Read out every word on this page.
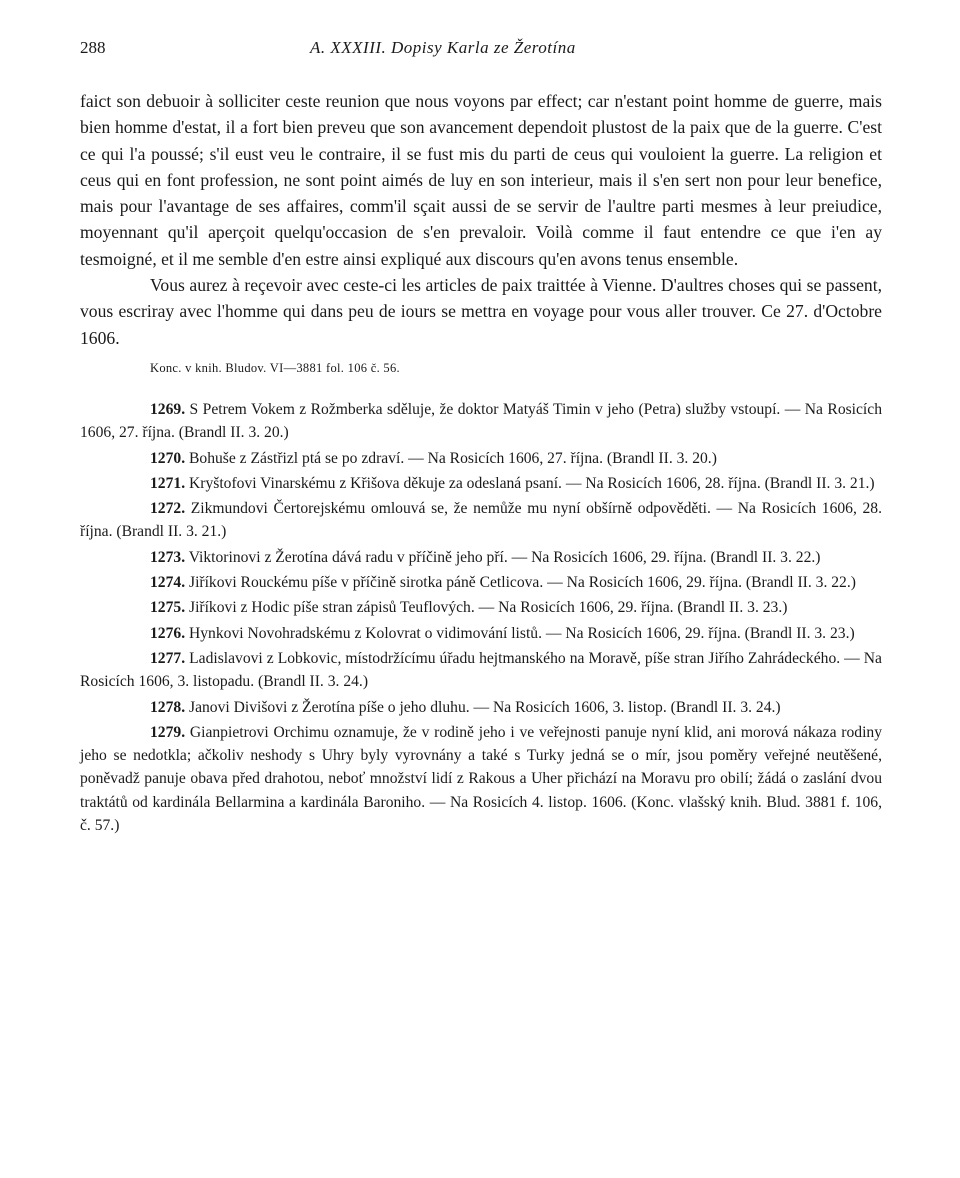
288	A. XXXIII. Dopisy Karla ze Žerotína

faict son debuoir à solliciter ceste reunion que nous voyons par effect; car n'estant point homme de guerre, mais bien homme d'estat, il a fort bien preveu que son avancement dependoit plustost de la paix que de la guerre. C'est ce qui l'a poussé; s'il eust veu le contraire, il se fust mis du parti de ceus qui vouloient la guerre. La religion et ceus qui en font profession, ne sont point aimés de luy en son interieur, mais il s'en sert non pour leur benefice, mais pour l'avantage de ses affaires, comm'il sçait aussi de se servir de l'aultre parti mesmes à leur preiudice, moyennant qu'il aperçoit quelqu'occasion de s'en prevaloir. Voilà comme il faut entendre ce que i'en ay tesmoigné, et il me semble d'en estre ainsi expliqué aux discours qu'en avons tenus ensemble.

Vous aurez à reçevoir avec ceste-ci les articles de paix traittée à Vienne. D'aultres choses qui se passent, vous escriray avec l'homme qui dans peu de iours se mettra en voyage pour vous aller trouver. Ce 27. d'Octobre 1606.

Konc. v knih. Bludov. VI—3881 fol. 106 č. 56.

1269. S Petrem Vokem z Rožmberka sděluje, že doktor Matyáš Timin v jeho (Petra) služby vstoupí. — Na Rosicích 1606, 27. října. (Brandl II. 3. 20.)

1270. Bohuše z Zástřizl ptá se po zdraví. — Na Rosicích 1606, 27. října. (Brandl II. 3. 20.)

1271. Kryštofovi Vinarskému z Křišova děkuje za odeslaná psaní. — Na Rosicích 1606, 28. října. (Brandl II. 3. 21.)

1272. Zikmundovi Čertorejskému omlouvá se, že nemůže mu nyní obšírně odpověděti. — Na Rosicích 1606, 28. října. (Brandl II. 3. 21.)

1273. Viktorinovi z Žerotína dává radu v příčině jeho pří. — Na Rosicích 1606, 29. října. (Brandl II. 3. 22.)

1274. Jiříkovi Rouckému píše v příčině sirotka páně Cetlicova. — Na Rosicích 1606, 29. října. (Brandl II. 3. 22.)

1275. Jiříkovi z Hodic píše stran zápisů Teuflových. — Na Rosicích 1606, 29. října. (Brandl II. 3. 23.)

1276. Hynkovi Novohradskému z Kolovrat o vidimování listů. — Na Rosicích 1606, 29. října. (Brandl II. 3. 23.)

1277. Ladislavovi z Lobkovic, místodržícímu úřadu hejtmanského na Moravě, píše stran Jiřího Zahrádeckého. — Na Rosicích 1606, 3. listopadu. (Brandl II. 3. 24.)

1278. Janovi Divišovi z Žerotína píše o jeho dluhu. — Na Rosicích 1606, 3. listop. (Brandl II. 3. 24.)

1279. Gianpietrovi Orchimu oznamuje, že v rodině jeho i ve veřejnosti panuje nyní klid, ani morová nákaza rodiny jeho se nedotkla; ačkoliv neshody s Uhry byly vyrovnány a také s Turky jedná se o mír, jsou poměry veřejné neutěšené, poněvadž panuje obava před drahotou, neboť množství lidí z Rakous a Uher přichází na Moravu pro obilí; žádá o zaslání dvou traktátů od kardinála Bellarmina a kardinála Baronihо. — Na Rosicích 4. listop. 1606. (Konc. vlašský knih. Blud. 3881 f. 106, č. 57.)
